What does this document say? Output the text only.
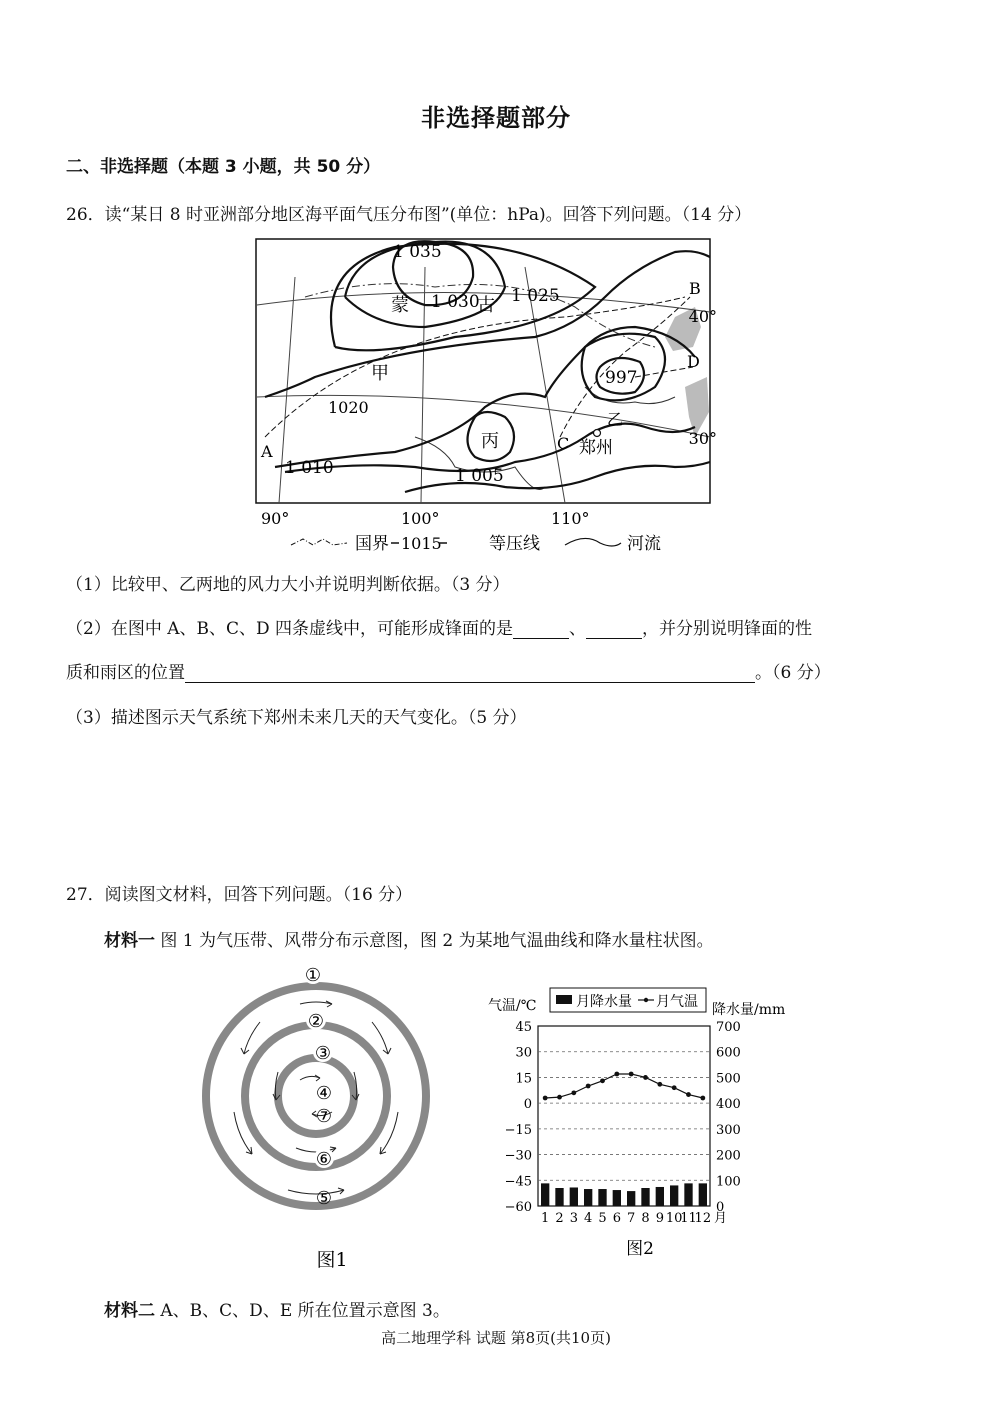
非选择题部分
二、非选择题（本题 3 小题，共 50 分）
26．读“某日 8 时亚洲部分地区海平面气压分布图”(单位：hPa)。回答下列问题。（14 分）
1 035
1 030 1 025
1020
1 010	1 005
997
蒙	古
甲
乙
丙	郑州
A
B
C
D
40°
30°
90°	100°	110°
国界 1015	等压线	河流
（1）比较甲、乙两地的风力大小并说明判断依据。（3 分）
（2）在图中 A、B、C、D 四条虚线中，可能形成锋面的是	、	，并分别说明锋面的性
质和雨区的位置	。（6 分）
（3）描述图示天气系统下郑州未来几天的天气变化。（5 分）
27．阅读图文材料，回答下列问题。（16 分）
材料一 图 1 为气压带、风带分布示意图，图 2 为某地气温曲线和降水量柱状图。
①
②
③
④
⑤
⑥
⑦
图1
气温/℃	降水量/mm
月降水量 月气温
45
30
15
0
−15
−30
−45
−60
700
600
500
400
300
200
100
0
1 2 3 4 5 6 7 8 9 10
11
12 月
图2
材料二 A、B、C、D、E 所在位置示意图 3。
高二地理学科 试题 第8页(共10页)
